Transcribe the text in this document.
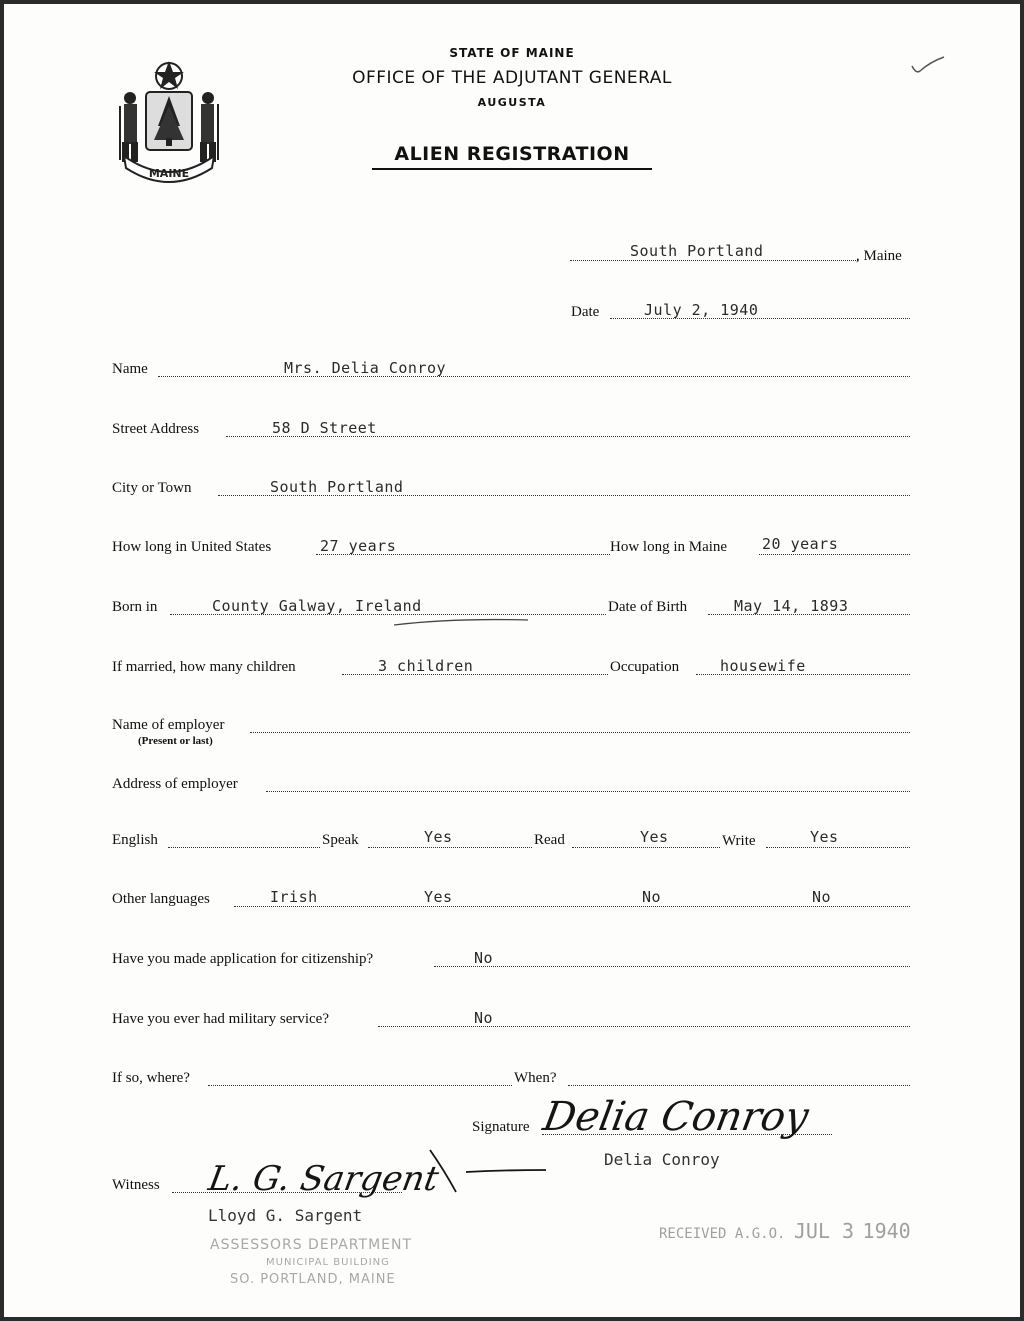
MAINE
STATE OF MAINE
OFFICE OF THE ADJUTANT GENERAL
AUGUSTA
ALIEN REGISTRATION
South Portland	, Maine
Date	July 2, 1940
Name	Mrs. Delia Conroy
Street Address	58 D Street
City or Town	South Portland
How long in United States	27 years	How long in Maine 20 years
Born in	County Galway, Ireland	Date of Birth	May 14, 1893
If married, how many children	3 children	Occupation	housewife
Name of employer
(Present or last)
Address of employer
English	Speak	Yes	Read	Yes	Write	Yes
Other languages	Irish	Yes	No	No
Have you made application for citizenship?	No
Have you ever had military service?	No
If so, where?	When?
Signature Delia Conroy
Delia Conroy
Witness L. G. Sargent
Lloyd G. Sargent
ASSESSORS DEPARTMENT
MUNICIPAL BUILDING
SO. PORTLAND, MAINE
RECEIVED A.G.O. JUL 3 1940
